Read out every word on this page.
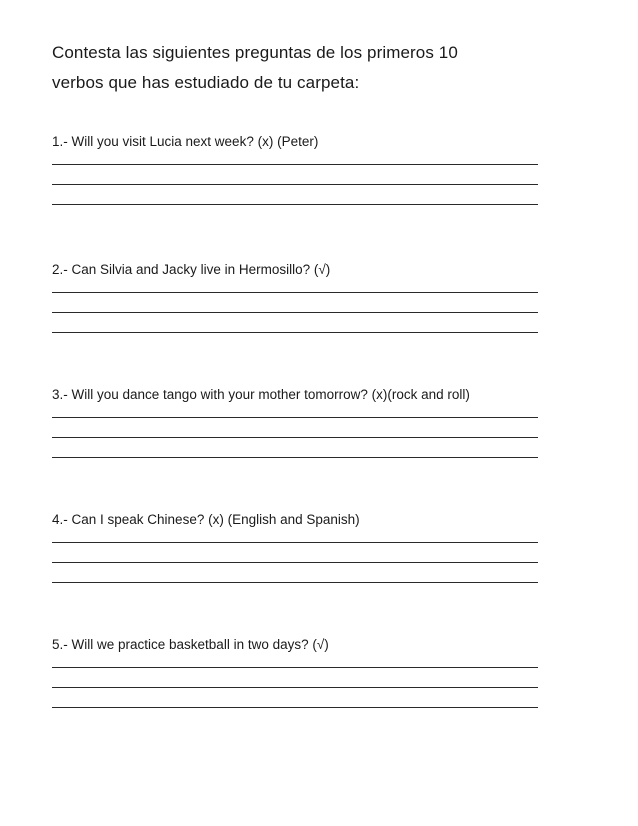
Contesta las siguientes preguntas de los primeros 10
verbos que has estudiado de tu carpeta:
1.- Will you visit Lucia next week? (x) (Peter)
2.- Can Silvia and Jacky live in Hermosillo? (√)
3.- Will you dance tango with your mother tomorrow? (x)(rock and roll)
4.- Can I speak Chinese? (x) (English and Spanish)
5.- Will we practice basketball in two days? (√)
